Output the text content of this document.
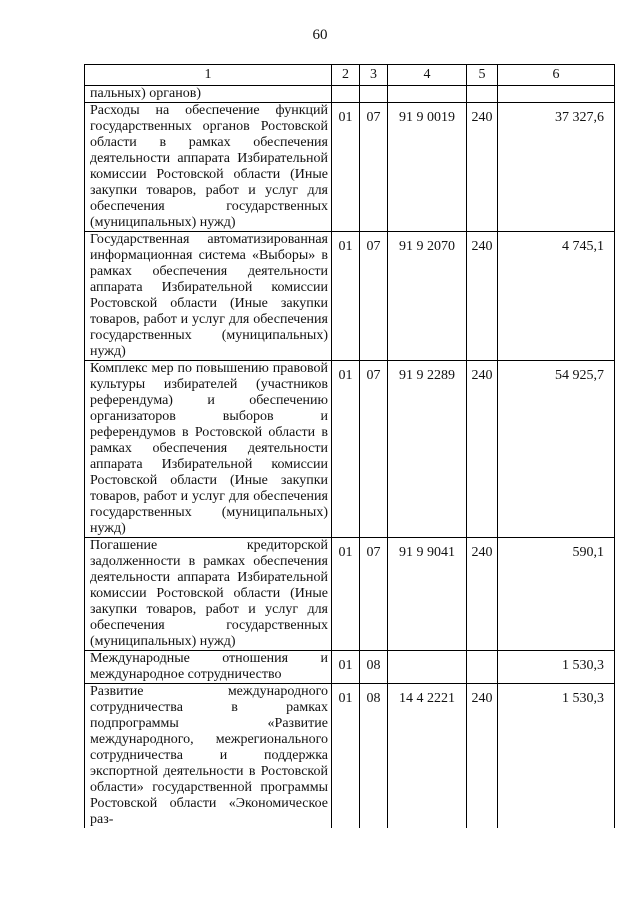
60
1	2	3	4	5	6
пальных) органов)					
Расходы на обеспечение функций государственных органов Ростовской области в рамках обеспечения деятельности аппарата Избирательной комиссии Ростовской области (Иные закупки товаров, работ и услуг для обеспечения государственных (муниципальных) нужд)	01	07	91 9 0019	240	37 327,6
Государственная автоматизированная информационная система «Выборы» в рамках обеспечения деятельности аппарата Избирательной комиссии Ростовской области (Иные закупки товаров, работ и услуг для обеспечения государственных (муниципальных) нужд)	01	07	91 9 2070	240	4 745,1
Комплекс мер по повышению правовой культуры избирателей (участников референдума) и обеспечению организаторов выборов и референдумов в Ростовской области в рамках обеспечения деятельности аппарата Избирательной комиссии Ростовской области (Иные закупки товаров, работ и услуг для обеспечения государственных (муниципальных) нужд)	01	07	91 9 2289	240	54 925,7
Погашение кредиторской задолженности в рамках обеспечения деятельности аппарата Избирательной комиссии Ростовской области (Иные закупки товаров, работ и услуг для обеспечения государственных (муниципальных) нужд)	01	07	91 9 9041	240	590,1
Международные отношения и международное сотрудничество	01	08			1 530,3
Развитие международного сотрудничества в рамках подпрограммы «Развитие международного, межрегионального сотрудничества и поддержка экспортной деятельности в Ростовской области» государственной программы Ростовской области «Экономическое раз-	01	08	14 4 2221	240	1 530,3
